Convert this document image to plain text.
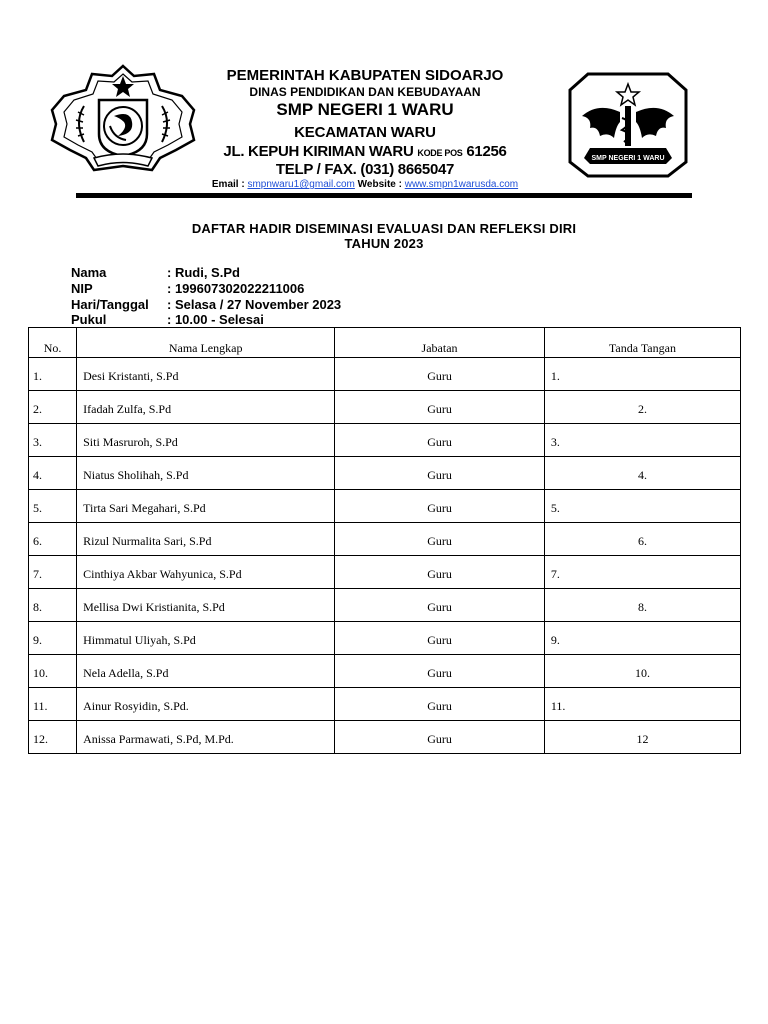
SMP NEGERI 1 WARU
PEMERINTAH KABUPATEN SIDOARJO
DINAS PENDIDIKAN DAN KEBUDAYAAN
SMP NEGERI 1 WARU
KECAMATAN WARU
JL. KEPUH KIRIMAN WARU KODE POS 61256
TELP / FAX. (031) 8665047
Email : smpnwaru1@gmail.com Website : www.smpn1warusda.com
DAFTAR HADIR DISEMINASI EVALUASI DAN REFLEKSI DIRI
TAHUN 2023
Nama	: Rudi, S.Pd
NIP	: 199607302022211006
Hari/Tanggal : Selasa / 27 November 2023
Pukul	: 10.00 - Selesai
No.	Nama Lengkap	Jabatan	Tanda Tangan
1.	Desi Kristanti, S.Pd	Guru	1.
2.	Ifadah Zulfa, S.Pd	Guru	2.
3.	Siti Masruroh, S.Pd	Guru	3.
4.	Niatus Sholihah, S.Pd	Guru	4.
5.	Tirta Sari Megahari, S.Pd	Guru	5.
6.	Rizul Nurmalita Sari, S.Pd	Guru	6.
7.	Cinthiya Akbar Wahyunica, S.Pd	Guru	7.
8.	Mellisa Dwi Kristianita, S.Pd	Guru	8.
9.	Himmatul Uliyah, S.Pd	Guru	9.
10.	Nela Adella, S.Pd	Guru	10.
11.	Ainur Rosyidin, S.Pd.	Guru	11.
12.	Anissa Parmawati, S.Pd, M.Pd.	Guru	12
